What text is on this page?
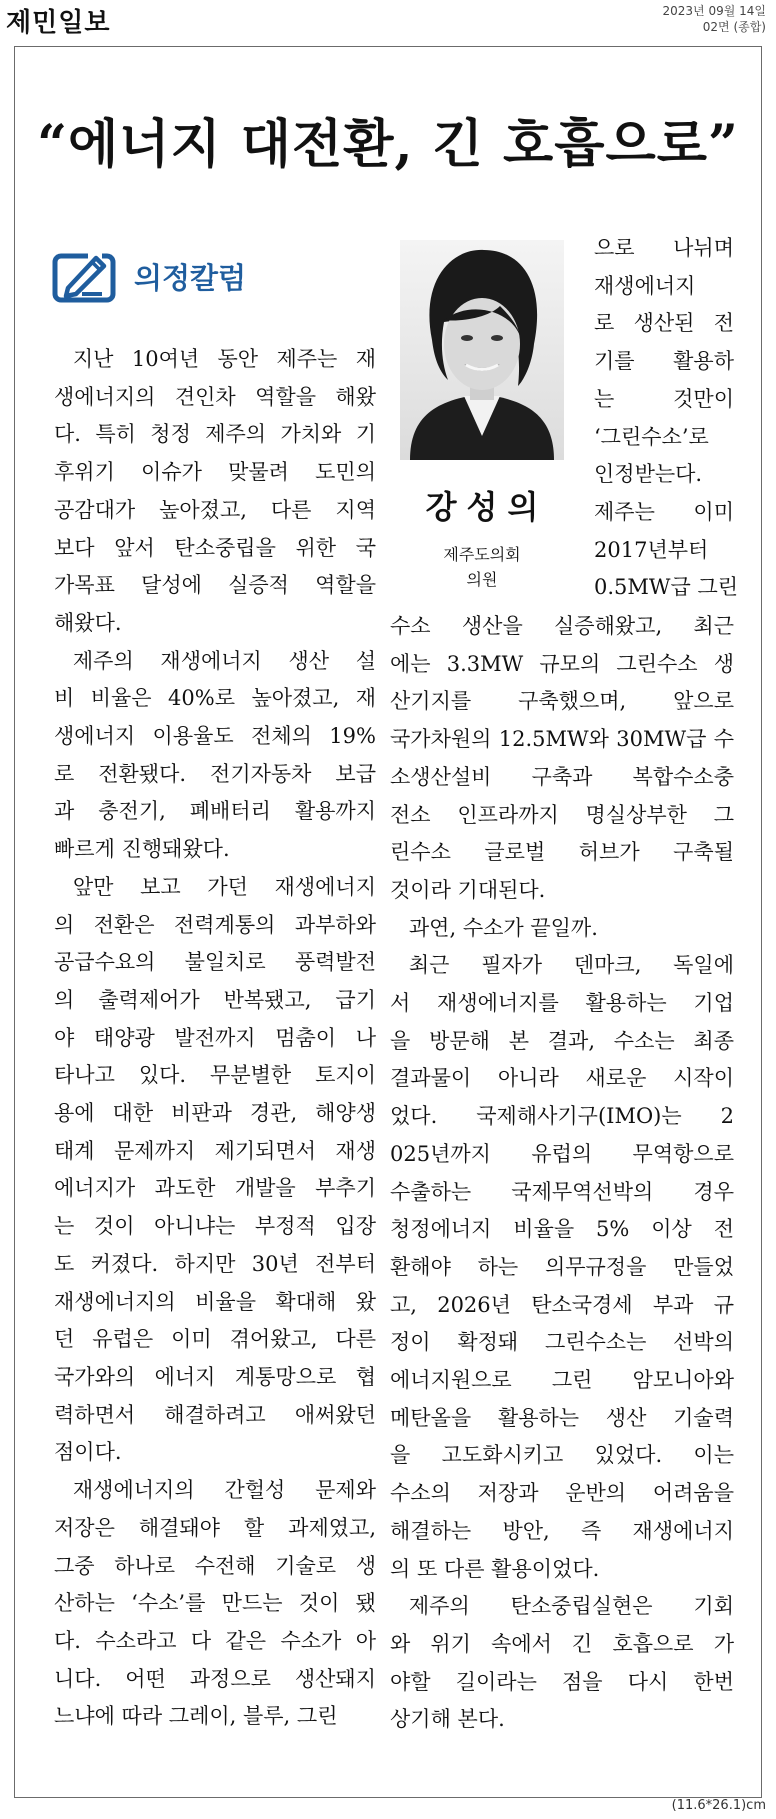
제민일보	2023년 09월 14일
02면 (종합)
“에너지 대전환, 긴 호흡으로”
의정칼럼
강성의
제주도의회
의원
지난 10여년 동안 제주는 재
생에너지의 견인차 역할을 해왔
다. 특히 청정 제주의 가치와 기
후위기 이슈가 맞물려 도민의
공감대가 높아졌고, 다른 지역
보다 앞서 탄소중립을 위한 국
가목표 달성에 실증적 역할을
해왔다.
제주의 재생에너지 생산 설
비 비율은 40%로 높아졌고, 재
생에너지 이용율도 전체의 19%
로 전환됐다. 전기자동차 보급
과 충전기, 폐배터리 활용까지
빠르게 진행돼왔다.
앞만 보고 가던 재생에너지
의 전환은 전력계통의 과부하와
공급수요의 불일치로 풍력발전
의 출력제어가 반복됐고, 급기
야 태양광 발전까지 멈춤이 나
타나고 있다. 무분별한 토지이
용에 대한 비판과 경관, 해양생
태계 문제까지 제기되면서 재생
에너지가 과도한 개발을 부추기
는 것이 아니냐는 부정적 입장
도 커졌다. 하지만 30년 전부터
재생에너지의 비율을 확대해 왔
던 유럽은 이미 겪어왔고, 다른
국가와의 에너지 계통망으로 협
력하면서 해결하려고 애써왔던
점이다.
재생에너지의 간헐성 문제와
저장은 해결돼야 할 과제였고,
그중 하나로 수전해 기술로 생
산하는 ‘수소’를 만드는 것이 됐
다. 수소라고 다 같은 수소가 아
니다. 어떤 과정으로 생산돼지
느냐에 따라 그레이, 블루, 그린
으로 나뉘며
재생에너지
로 생산된 전
기를 활용하
는 것만이
‘그린수소’로
인정받는다.
제주는 이미
2017년부터
0.5MW급 그린
수소 생산을 실증해왔고, 최근
에는 3.3MW 규모의 그린수소 생
산기지를 구축했으며, 앞으로
국가차원의 12.5MW와 30MW급 수
소생산설비 구축과 복합수소충
전소 인프라까지 명실상부한 그
린수소 글로벌 허브가 구축될
것이라 기대된다.
과연, 수소가 끝일까.
최근 필자가 덴마크, 독일에
서 재생에너지를 활용하는 기업
을 방문해 본 결과, 수소는 최종
결과물이 아니라 새로운 시작이
었다. 국제해사기구(IMO)는 2
025년까지 유럽의 무역항으로
수출하는 국제무역선박의 경우
청정에너지 비율을 5% 이상 전
환해야 하는 의무규정을 만들었
고, 2026년 탄소국경세 부과 규
정이 확정돼 그린수소는 선박의
에너지원으로 그린 암모니아와
메탄올을 활용하는 생산 기술력
을 고도화시키고 있었다. 이는
수소의 저장과 운반의 어려움을
해결하는 방안, 즉 재생에너지
의 또 다른 활용이었다.
제주의 탄소중립실현은 기회
와 위기 속에서 긴 호흡으로 가
야할 길이라는 점을 다시 한번
상기해 본다.
(11.6*26.1)cm
